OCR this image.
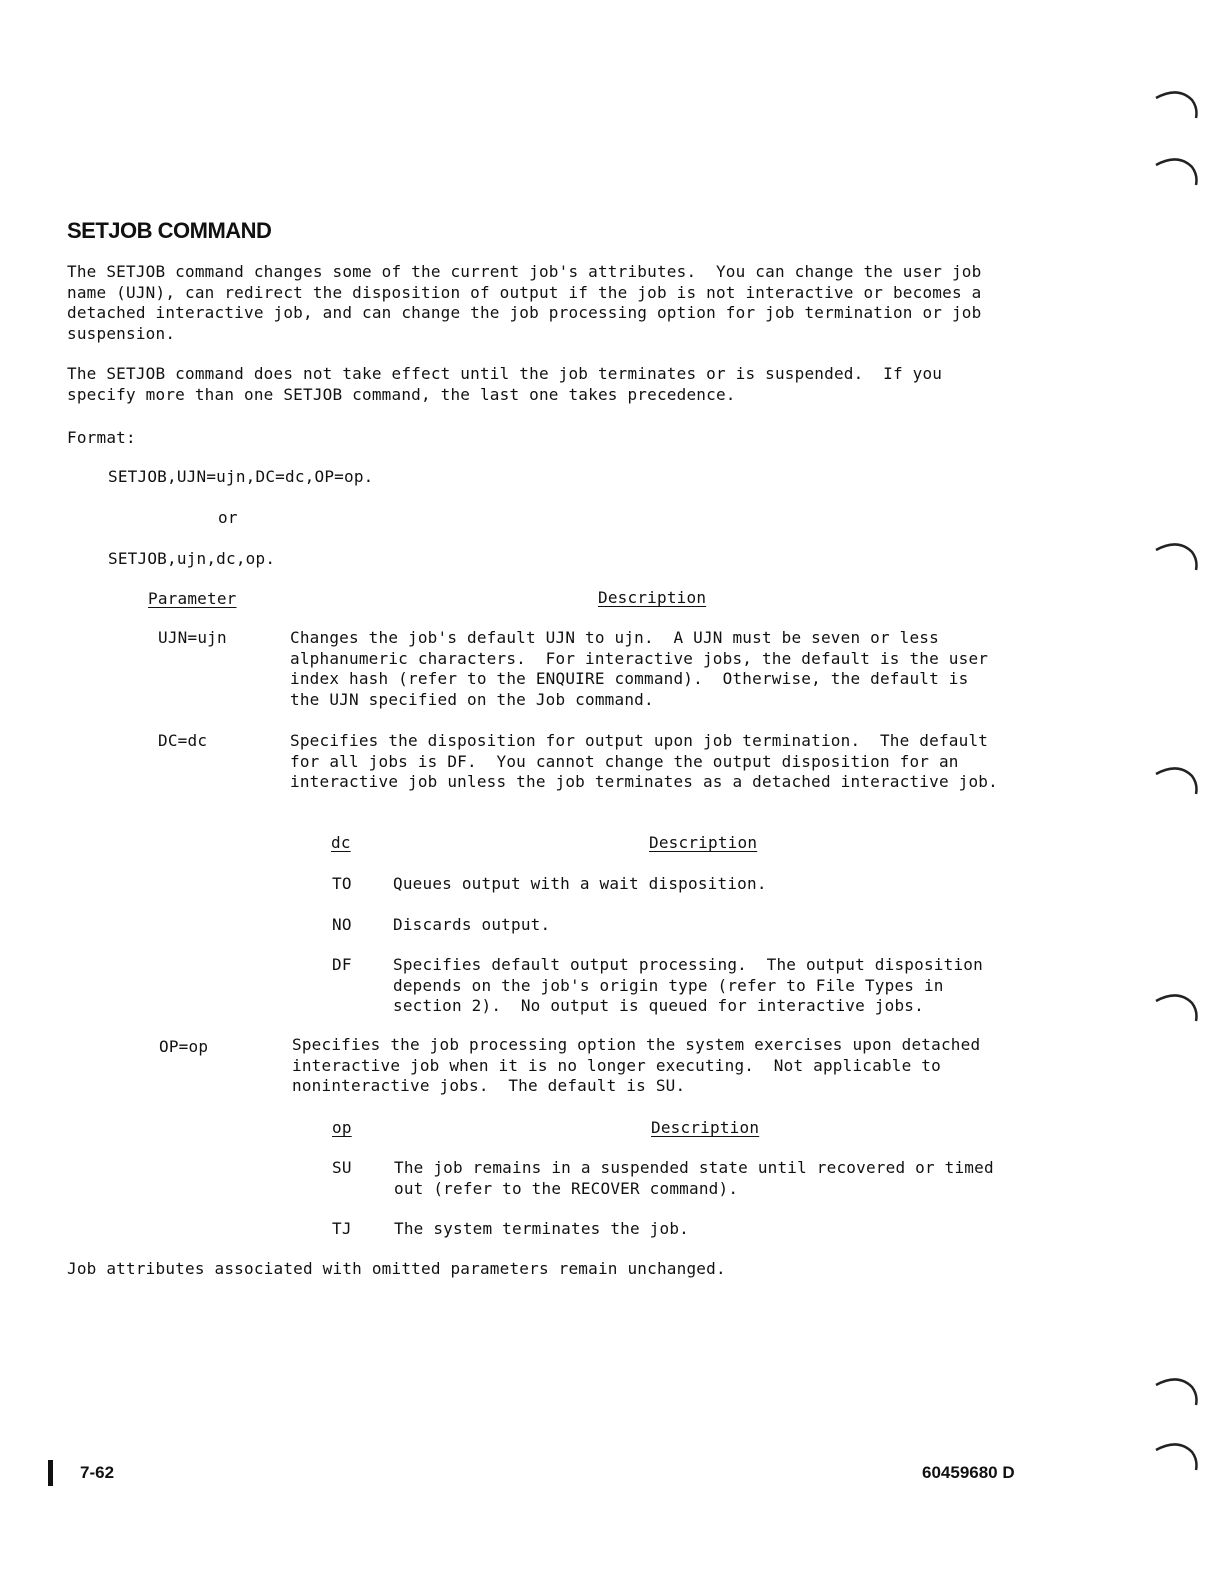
SETJOB COMMAND
The SETJOB command changes some of the current job's attributes.  You can change the user job name (UJN), can redirect the disposition of output if the job is not interactive or becomes a detached interactive job, and can change the job processing option for job termination or job suspension.
The SETJOB command does not take effect until the job terminates or is suspended.  If you specify more than one SETJOB command, the last one takes precedence.
Format:
SETJOB,UJN=ujn,DC=dc,OP=op.
or
SETJOB,ujn,dc,op.
Parameter	Description
UJN=ujn	Changes the job's default UJN to ujn.  A UJN must be seven or less alphanumeric characters.  For interactive jobs, the default is the user index hash (refer to the ENQUIRE command).  Otherwise, the default is the UJN specified on the Job command.
DC=dc	Specifies the disposition for output upon job termination.  The default for all jobs is DF.  You cannot change the output disposition for an interactive job unless the job terminates as a detached interactive job.
dc	Description
TO	Queues output with a wait disposition.
NO	Discards output.
DF	Specifies default output processing.  The output disposition depends on the job's origin type (refer to File Types in section 2).  No output is queued for interactive jobs.
OP=op	Specifies the job processing option the system exercises upon detached interactive job when it is no longer executing.  Not applicable to noninteractive jobs.  The default is SU.
op	Description
SU	The job remains in a suspended state until recovered or timed out (refer to the RECOVER command).
TJ	The system terminates the job.
Job attributes associated with omitted parameters remain unchanged.
7-62	60459680 D
